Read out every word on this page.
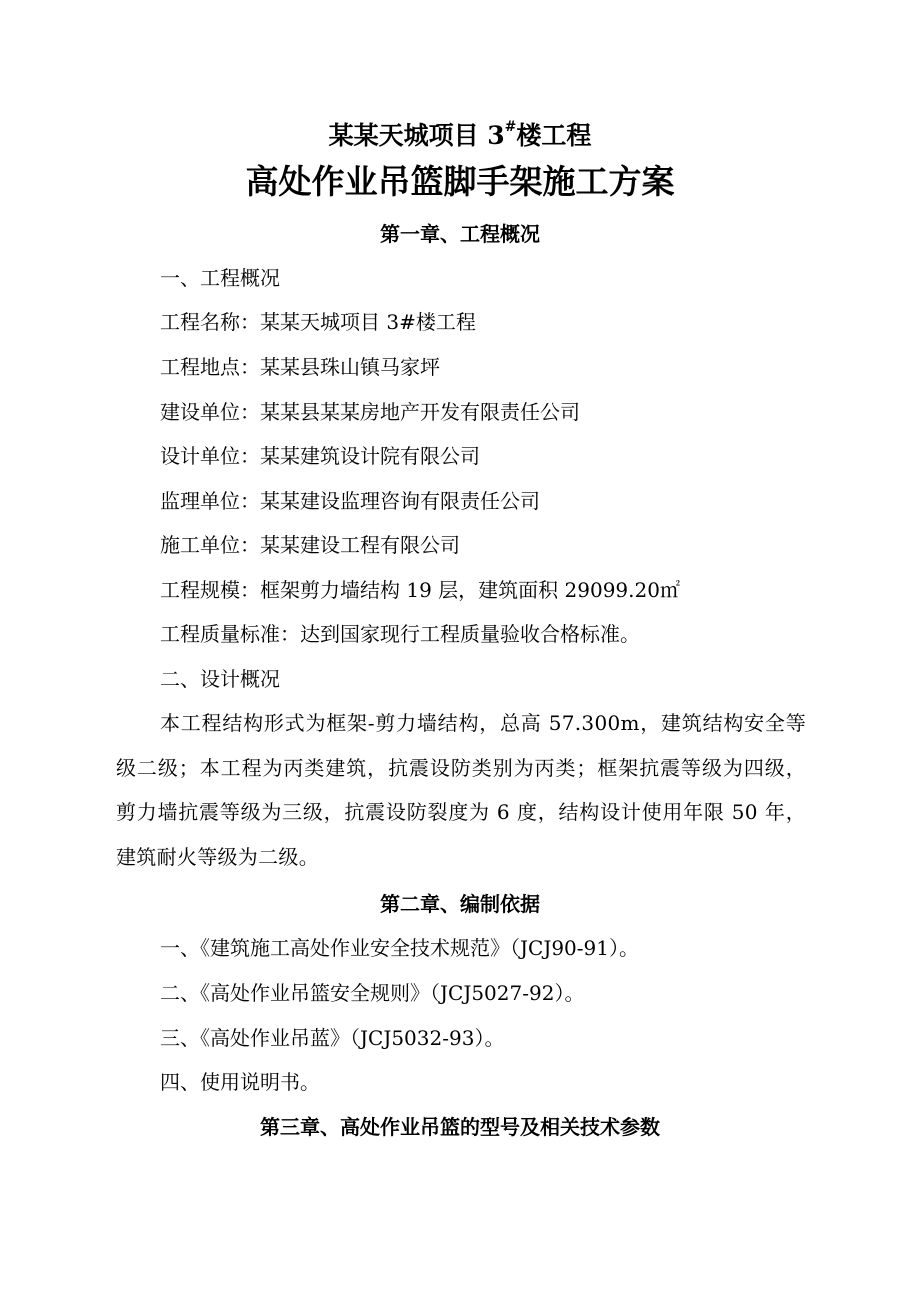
某某天城项目 3#楼工程
高处作业吊篮脚手架施工方案
第一章、工程概况
一、工程概况
工程名称：某某天城项目 3#楼工程
工程地点：某某县珠山镇马家坪
建设单位：某某县某某房地产开发有限责任公司
设计单位：某某建筑设计院有限公司
监理单位：某某建设监理咨询有限责任公司
施工单位：某某建设工程有限公司
工程规模：框架剪力墙结构 19 层，建筑面积 29099.20㎡
工程质量标准：达到国家现行工程质量验收合格标准。
二、设计概况
本工程结构形式为框架-剪力墙结构，总高 57.300m，建筑结构安全等级二级；本工程为丙类建筑，抗震设防类别为丙类；框架抗震等级为四级，剪力墙抗震等级为三级，抗震设防裂度为 6 度，结构设计使用年限 50 年，建筑耐火等级为二级。
第二章、编制依据
一、《建筑施工高处作业安全技术规范》（JCJ90-91）。
二、《高处作业吊篮安全规则》（JCJ5027-92）。
三、《高处作业吊蓝》（JCJ5032-93）。
四、使用说明书。
第三章、高处作业吊篮的型号及相关技术参数
